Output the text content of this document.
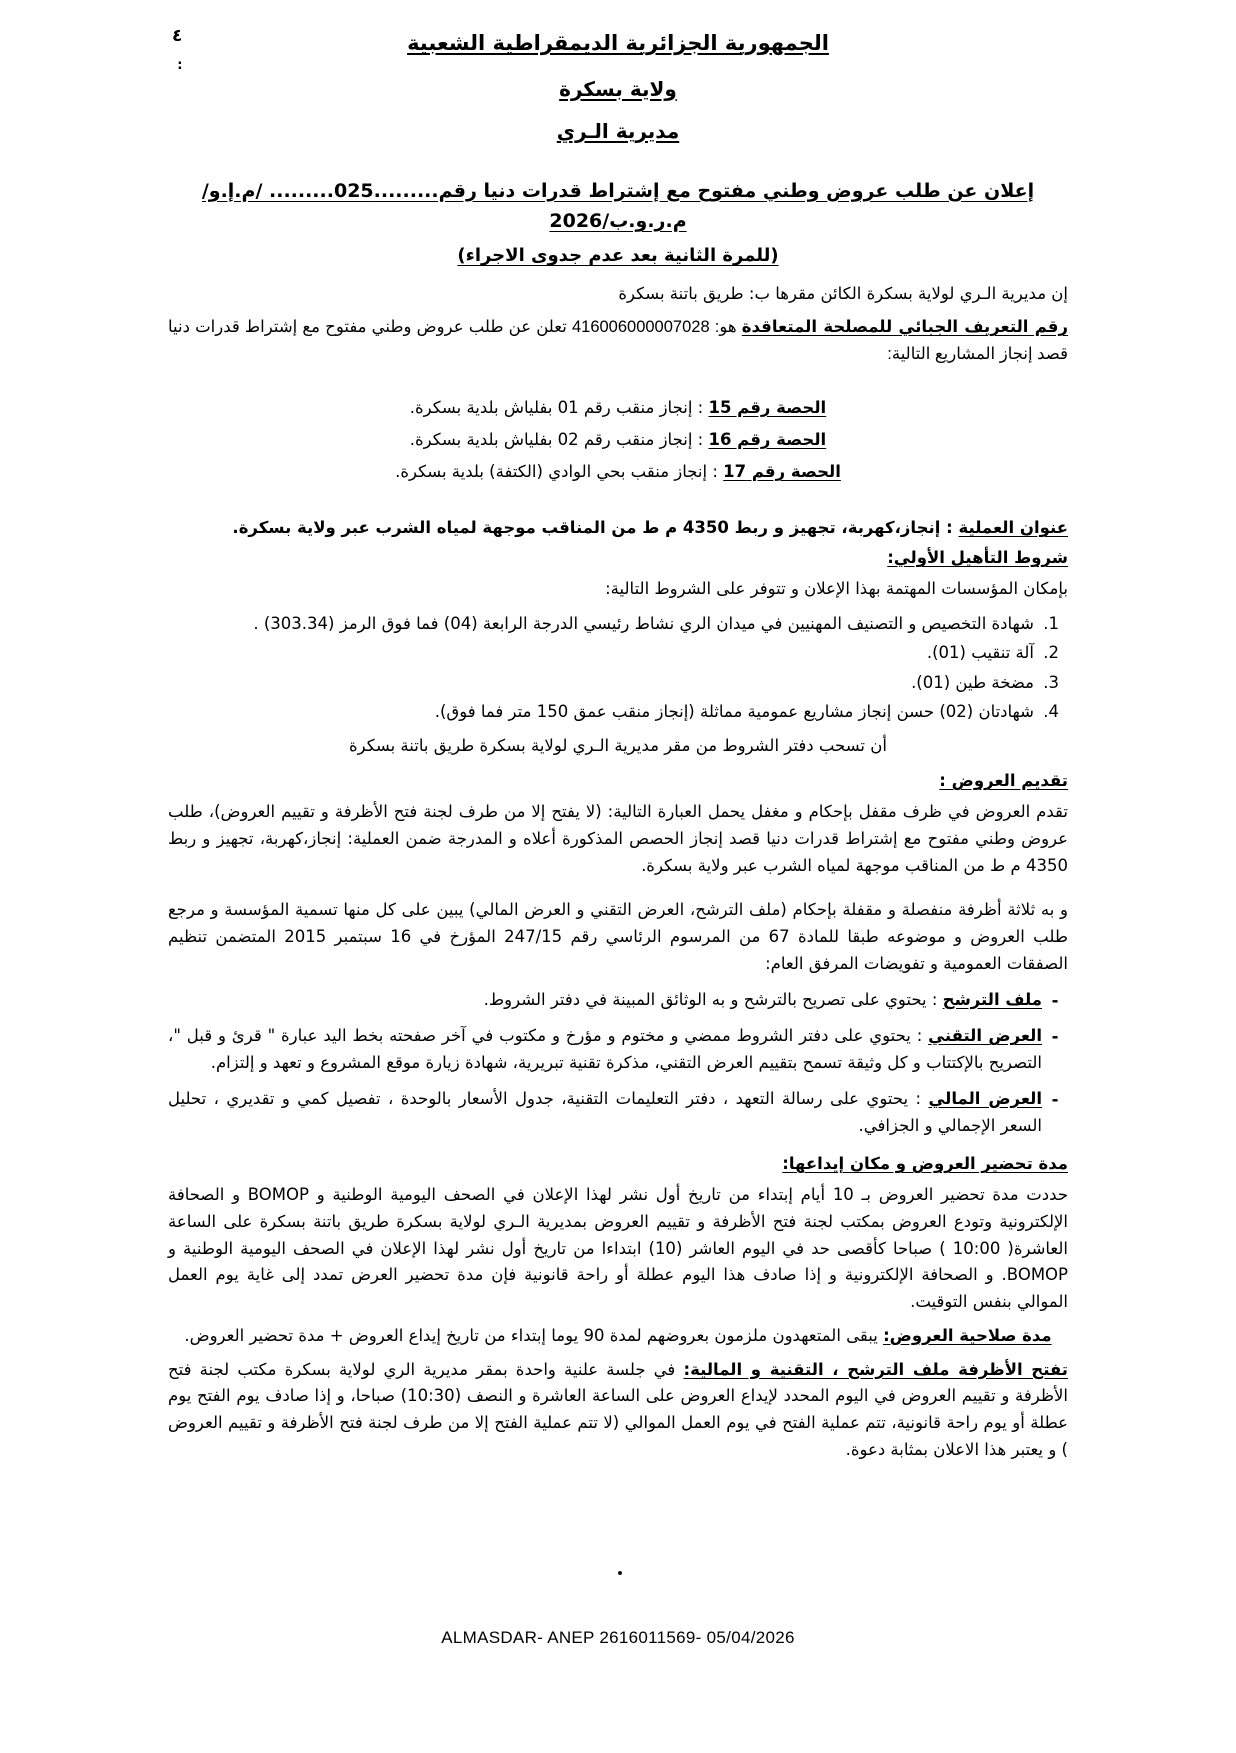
٤
:
الجمهورية الجزائرية الديمقراطية الشعبية
ولاية بسكرة
مديرية الـري
إعلان عن طلب عروض وطني مفتوح مع إشتراط قدرات دنيا رقم.........025......... /م.إ.و/م.ر.و.ب/2026
(للمرة الثانية بعد عدم جدوى الاجراء)

إن مديرية الـري لولاية بسكرة الكائن مقرها ب: طريق باتنة بسكرة

رقم التعريف الجبائي للمصلحة المتعاقدة هو: 416006000007028 تعلن عن طلب عروض وطني مفتوح مع إشتراط قدرات دنيا قصد إنجاز المشاريع التالية:

الحصة رقم 15 : إنجاز منقب رقم 01 بفلياش بلدية بسكرة.
الحصة رقم 16 : إنجاز منقب رقم 02 بفلياش بلدية بسكرة.
الحصة رقم 17 : إنجاز منقب بحي الوادي (الكتفة) بلدية بسكرة.
عنوان العملية : إنجاز،كهربة، تجهيز و ربط 4350 م ط من المناقب موجهة لمياه الشرب عبر ولاية بسكرة.
شروط التأهيل الأولي:

بإمكان المؤسسات المهتمة بهذا الإعلان و تتوفر على الشروط التالية:

1. شهادة التخصيص و التصنيف المهنيين في ميدان الري نشاط رئيسي الدرجة الرابعة (04) فما فوق الرمز (303.34) .
2. آلة تنقيب (01).
3. مضخة طين (01).
4. شهادتان (02) حسن إنجاز مشاريع عمومية مماثلة (إنجاز منقب عمق 150 متر فما فوق).

أن تسحب دفتر الشروط من مقر مديرية الـري لولاية بسكرة طريق باتنة بسكرة

تقديم العروض :

تقدم العروض في ظرف مقفل بإحكام و مغفل يحمل العبارة التالية: (لا يفتح إلا من طرف لجنة فتح الأظرفة و تقييم العروض)، طلب عروض وطني مفتوح مع إشتراط قدرات دنيا قصد إنجاز الحصص المذكورة أعلاه و المدرجة ضمن العملية: إنجاز،كهربة، تجهيز و ربط 4350 م ط من المناقب موجهة لمياه الشرب عبر ولاية بسكرة.

و به ثلاثة أظرفة منفصلة و مقفلة بإحكام (ملف الترشح، العرض التقني و العرض المالي) يبين على كل منها تسمية المؤسسة و مرجع طلب العروض و موضوعه طبقا للمادة 67 من المرسوم الرئاسي رقم 247/15 المؤرخ في 16 سبتمبر 2015 المتضمن تنظيم الصفقات العمومية و تفويضات المرفق العام:

-
ملف الترشح : يحتوي على تصريح بالترشح و به الوثائق المبينة في دفتر الشروط.
-
العرض التقني : يحتوي على دفتر الشروط ممضي و مختوم و مؤرخ و مكتوب في آخر صفحته بخط اليد عبارة " قرئ و قبل "، التصريح بالإكتتاب و كل وثيقة تسمح بتقييم العرض التقني، مذكرة تقنية تبريرية، شهادة زيارة موقع المشروع و تعهد و إلتزام.
-
العرض المالي : يحتوي على رسالة التعهد ، دفتر التعليمات التقنية، جدول الأسعار بالوحدة ، تفصيل كمي و تقديري ، تحليل السعر الإجمالي و الجزافي.
مدة تحضير العروض و مكان إيداعها:

حددت مدة تحضير العروض بـ 10 أيام إبتداء من تاريخ أول نشر لهذا الإعلان في الصحف اليومية الوطنية و BOMOP و الصحافة الإلكترونية وتودع العروض بمكتب لجنة فتح الأظرفة و تقييم العروض بمديرية الـري لولاية بسكرة طريق باتنة بسكرة على الساعة العاشرة( 10:00 ) صباحا كأقصى حد في اليوم العاشر (10) ابتداءا من تاريخ أول نشر لهذا الإعلان في الصحف اليومية الوطنية و BOMOP. و الصحافة الإلكترونية و إذا صادف هذا اليوم عطلة أو راحة قانونية فإن مدة تحضير العرض تمدد إلى غاية يوم العمل الموالي بنفس التوقيت.

مدة صلاحية العروض: يبقى المتعهدون ملزمون بعروضهم لمدة 90 يوما إبتداء من تاريخ إيداع العروض + مدة تحضير العروض.

تفتح الأظرفة ملف الترشح ، التقنية و المالية: في جلسة علنية واحدة بمقر مديرية الري لولاية بسكرة مكتب لجنة فتح الأظرفة و تقييم العروض في اليوم المحدد لإيداع العروض على الساعة العاشرة و النصف (10:30) صباحا، و إذا صادف يوم الفتح يوم عطلة أو يوم راحة قانونية، تتم عملية الفتح في يوم العمل الموالي (لا تتم عملية الفتح إلا من طرف لجنة فتح الأظرفة و تقييم العروض ) و يعتبر هذا الاعلان بمثابة دعوة.

ALMASDAR- ANEP 2616011569- 05/04/2026
